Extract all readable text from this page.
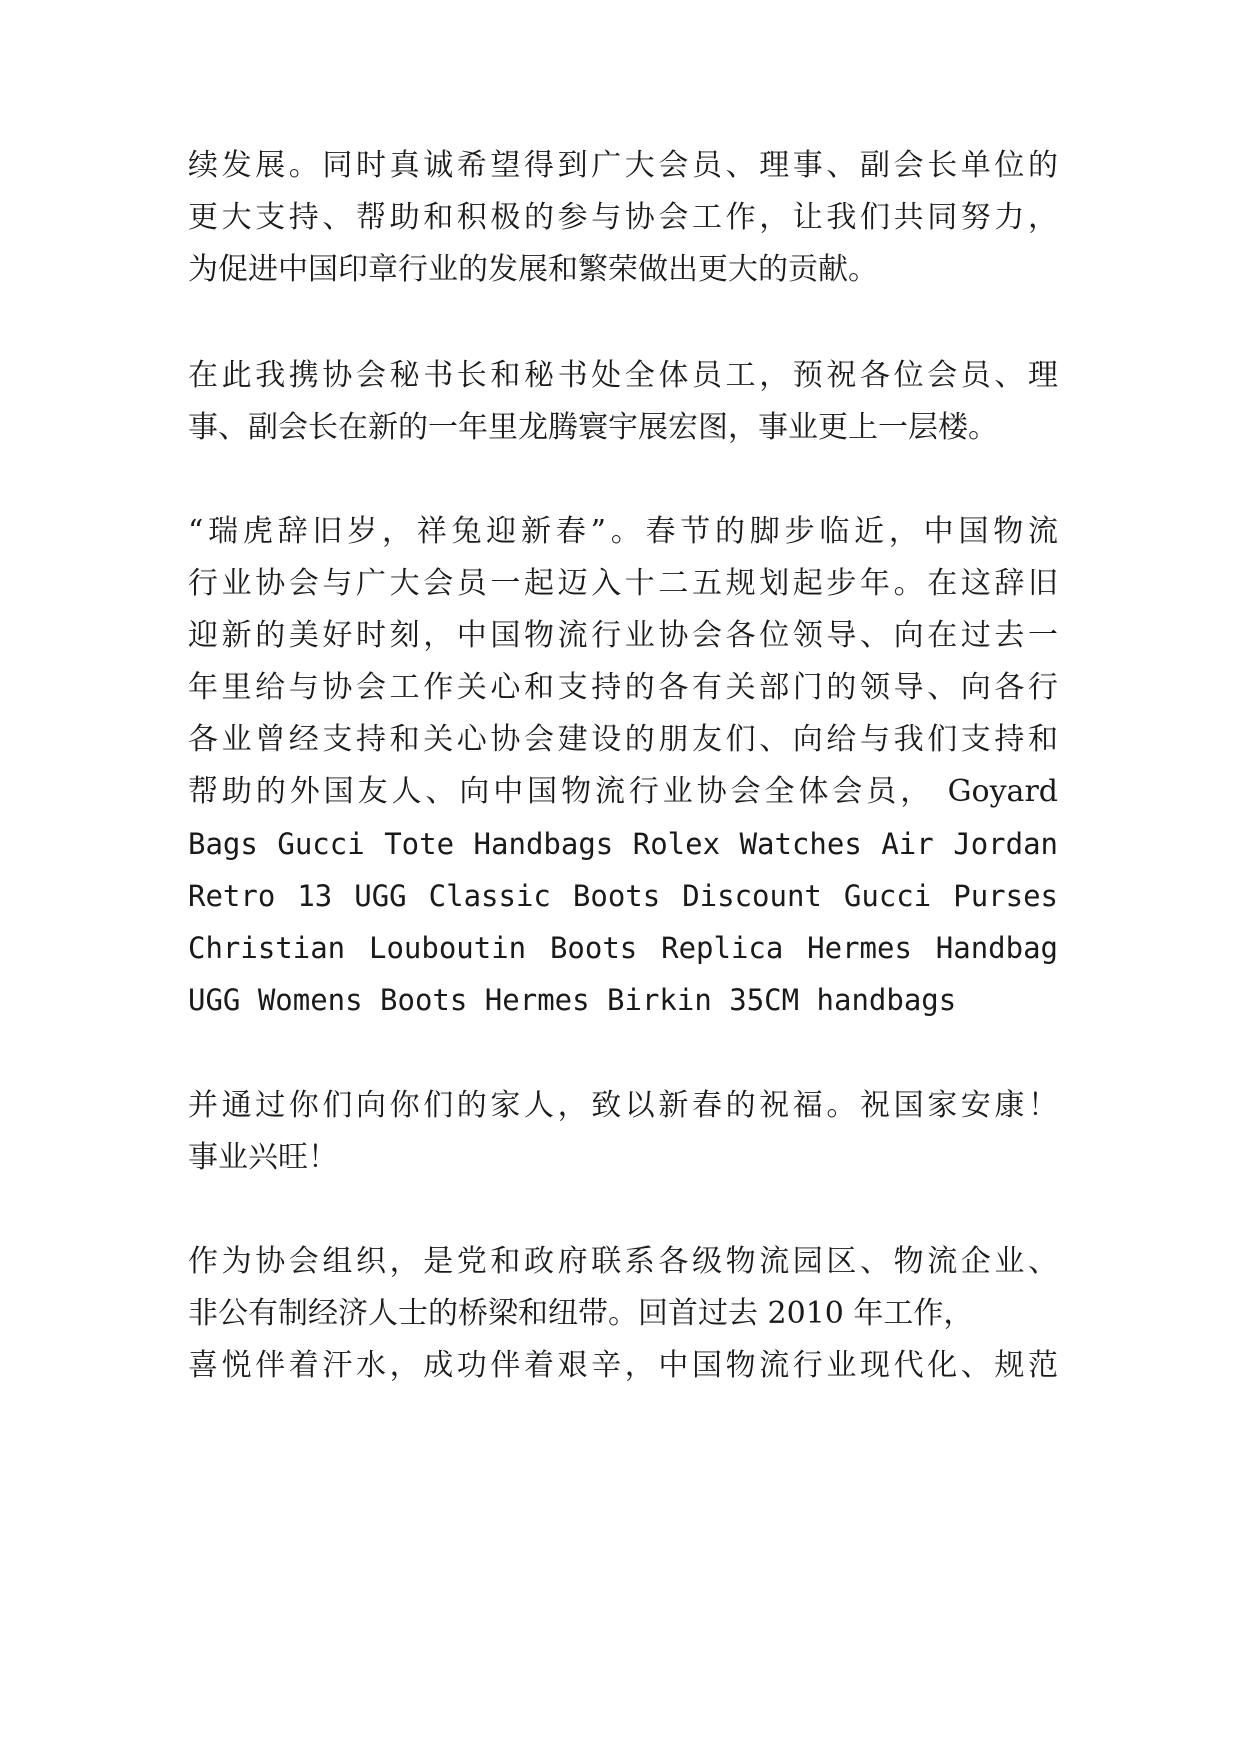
续发展。同时真诚希望得到广大会员、理事、副会长单位的
更大支持、帮助和积极的参与协会工作，让我们共同努力，
为促进中国印章行业的发展和繁荣做出更大的贡献。
在此我携协会秘书长和秘书处全体员工，预祝各位会员、理
事、副会长在新的一年里龙腾寰宇展宏图，事业更上一层楼。
“瑞虎辞旧岁，祥兔迎新春”。春节的脚步临近，中国物流
行业协会与广大会员一起迈入十二五规划起步年。在这辞旧
迎新的美好时刻，中国物流行业协会各位领导、向在过去一
年里给与协会工作关心和支持的各有关部门的领导、向各行
各业曾经支持和关心协会建设的朋友们、向给与我们支持和
帮助的外国友人、向中国物流行业协会全体会员， Goyard
Bags Gucci Tote Handbags Rolex Watches Air Jordan
Retro 13 UGG Classic Boots Discount Gucci Purses
Christian Louboutin Boots Replica Hermes Handbag
UGG Womens Boots Hermes Birkin 35CM handbags
并通过你们向你们的家人，致以新春的祝福。祝国家安康！
事业兴旺！
作为协会组织，是党和政府联系各级物流园区、物流企业、
非公有制经济人士的桥梁和纽带。回首过去 2010 年工作，
喜悦伴着汗水，成功伴着艰辛，中国物流行业现代化、规范
